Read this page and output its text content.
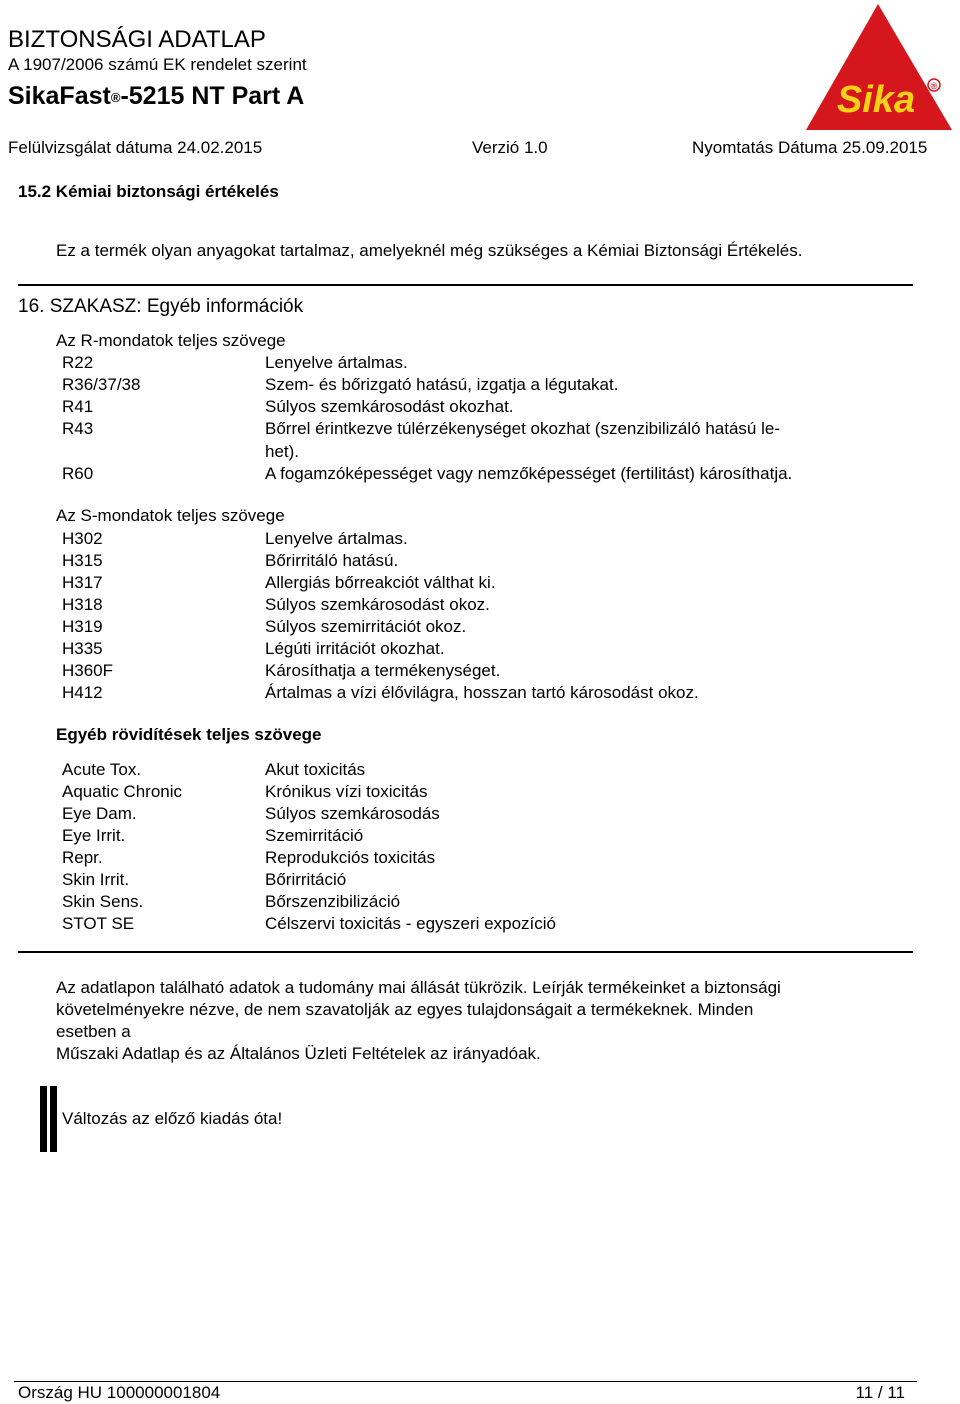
BIZTONSÁGI ADATLAP
A 1907/2006 számú EK rendelet szerint
SikaFast®-5215 NT Part A
Felülvizsgálat dátuma 24.02.2015	Verzió 1.0	Nyomtatás Dátuma 25.09.2015
Sika ®
15.2 Kémiai biztonsági értékelés
Ez a termék olyan anyagokat tartalmaz, amelyeknél még szükséges a Kémiai Biztonsági Értékelés.
16. SZAKASZ: Egyéb információk
Az R-mondatok teljes szövege
R22	Lenyelve ártalmas.
R36/37/38	Szem- és bőrizgató hatású, izgatja a légutakat.
R41	Súlyos szemkárosodást okozhat.
R43	Bőrrel érintkezve túlérzékenységet okozhat (szenzibilizáló hatású le-
het).
R60	A fogamzóképességet vagy nemzőképességet (fertilitást) károsíthatja.
Az S-mondatok teljes szövege
H302	Lenyelve ártalmas.
H315	Bőrirritáló hatású.
H317	Allergiás bőrreakciót válthat ki.
H318	Súlyos szemkárosodást okoz.
H319	Súlyos szemirritációt okoz.
H335	Légúti irritációt okozhat.
H360F	Károsíthatja a termékenységet.
H412	Ártalmas a vízi élővilágra, hosszan tartó károsodást okoz.
Egyéb rövidítések teljes szövege
Acute Tox.	Akut toxicitás
Aquatic Chronic	Krónikus vízi toxicitás
Eye Dam.	Súlyos szemkárosodás
Eye Irrit.	Szemirritáció
Repr.	Reprodukciós toxicitás
Skin Irrit.	Bőrirritáció
Skin Sens.	Bőrszenzibilizáció
STOT SE	Célszervi toxicitás - egyszeri expozíció
Az adatlapon található adatok a tudomány mai állását tükrözik. Leírják termékeinket a biztonsági
követelményekre nézve, de nem szavatolják az egyes tulajdonságait a termékeknek. Minden
esetben a
Műszaki Adatlap és az Általános Üzleti Feltételek az irányadóak.
Változás az előző kiadás óta!
Ország HU 100000001804	11 / 11
